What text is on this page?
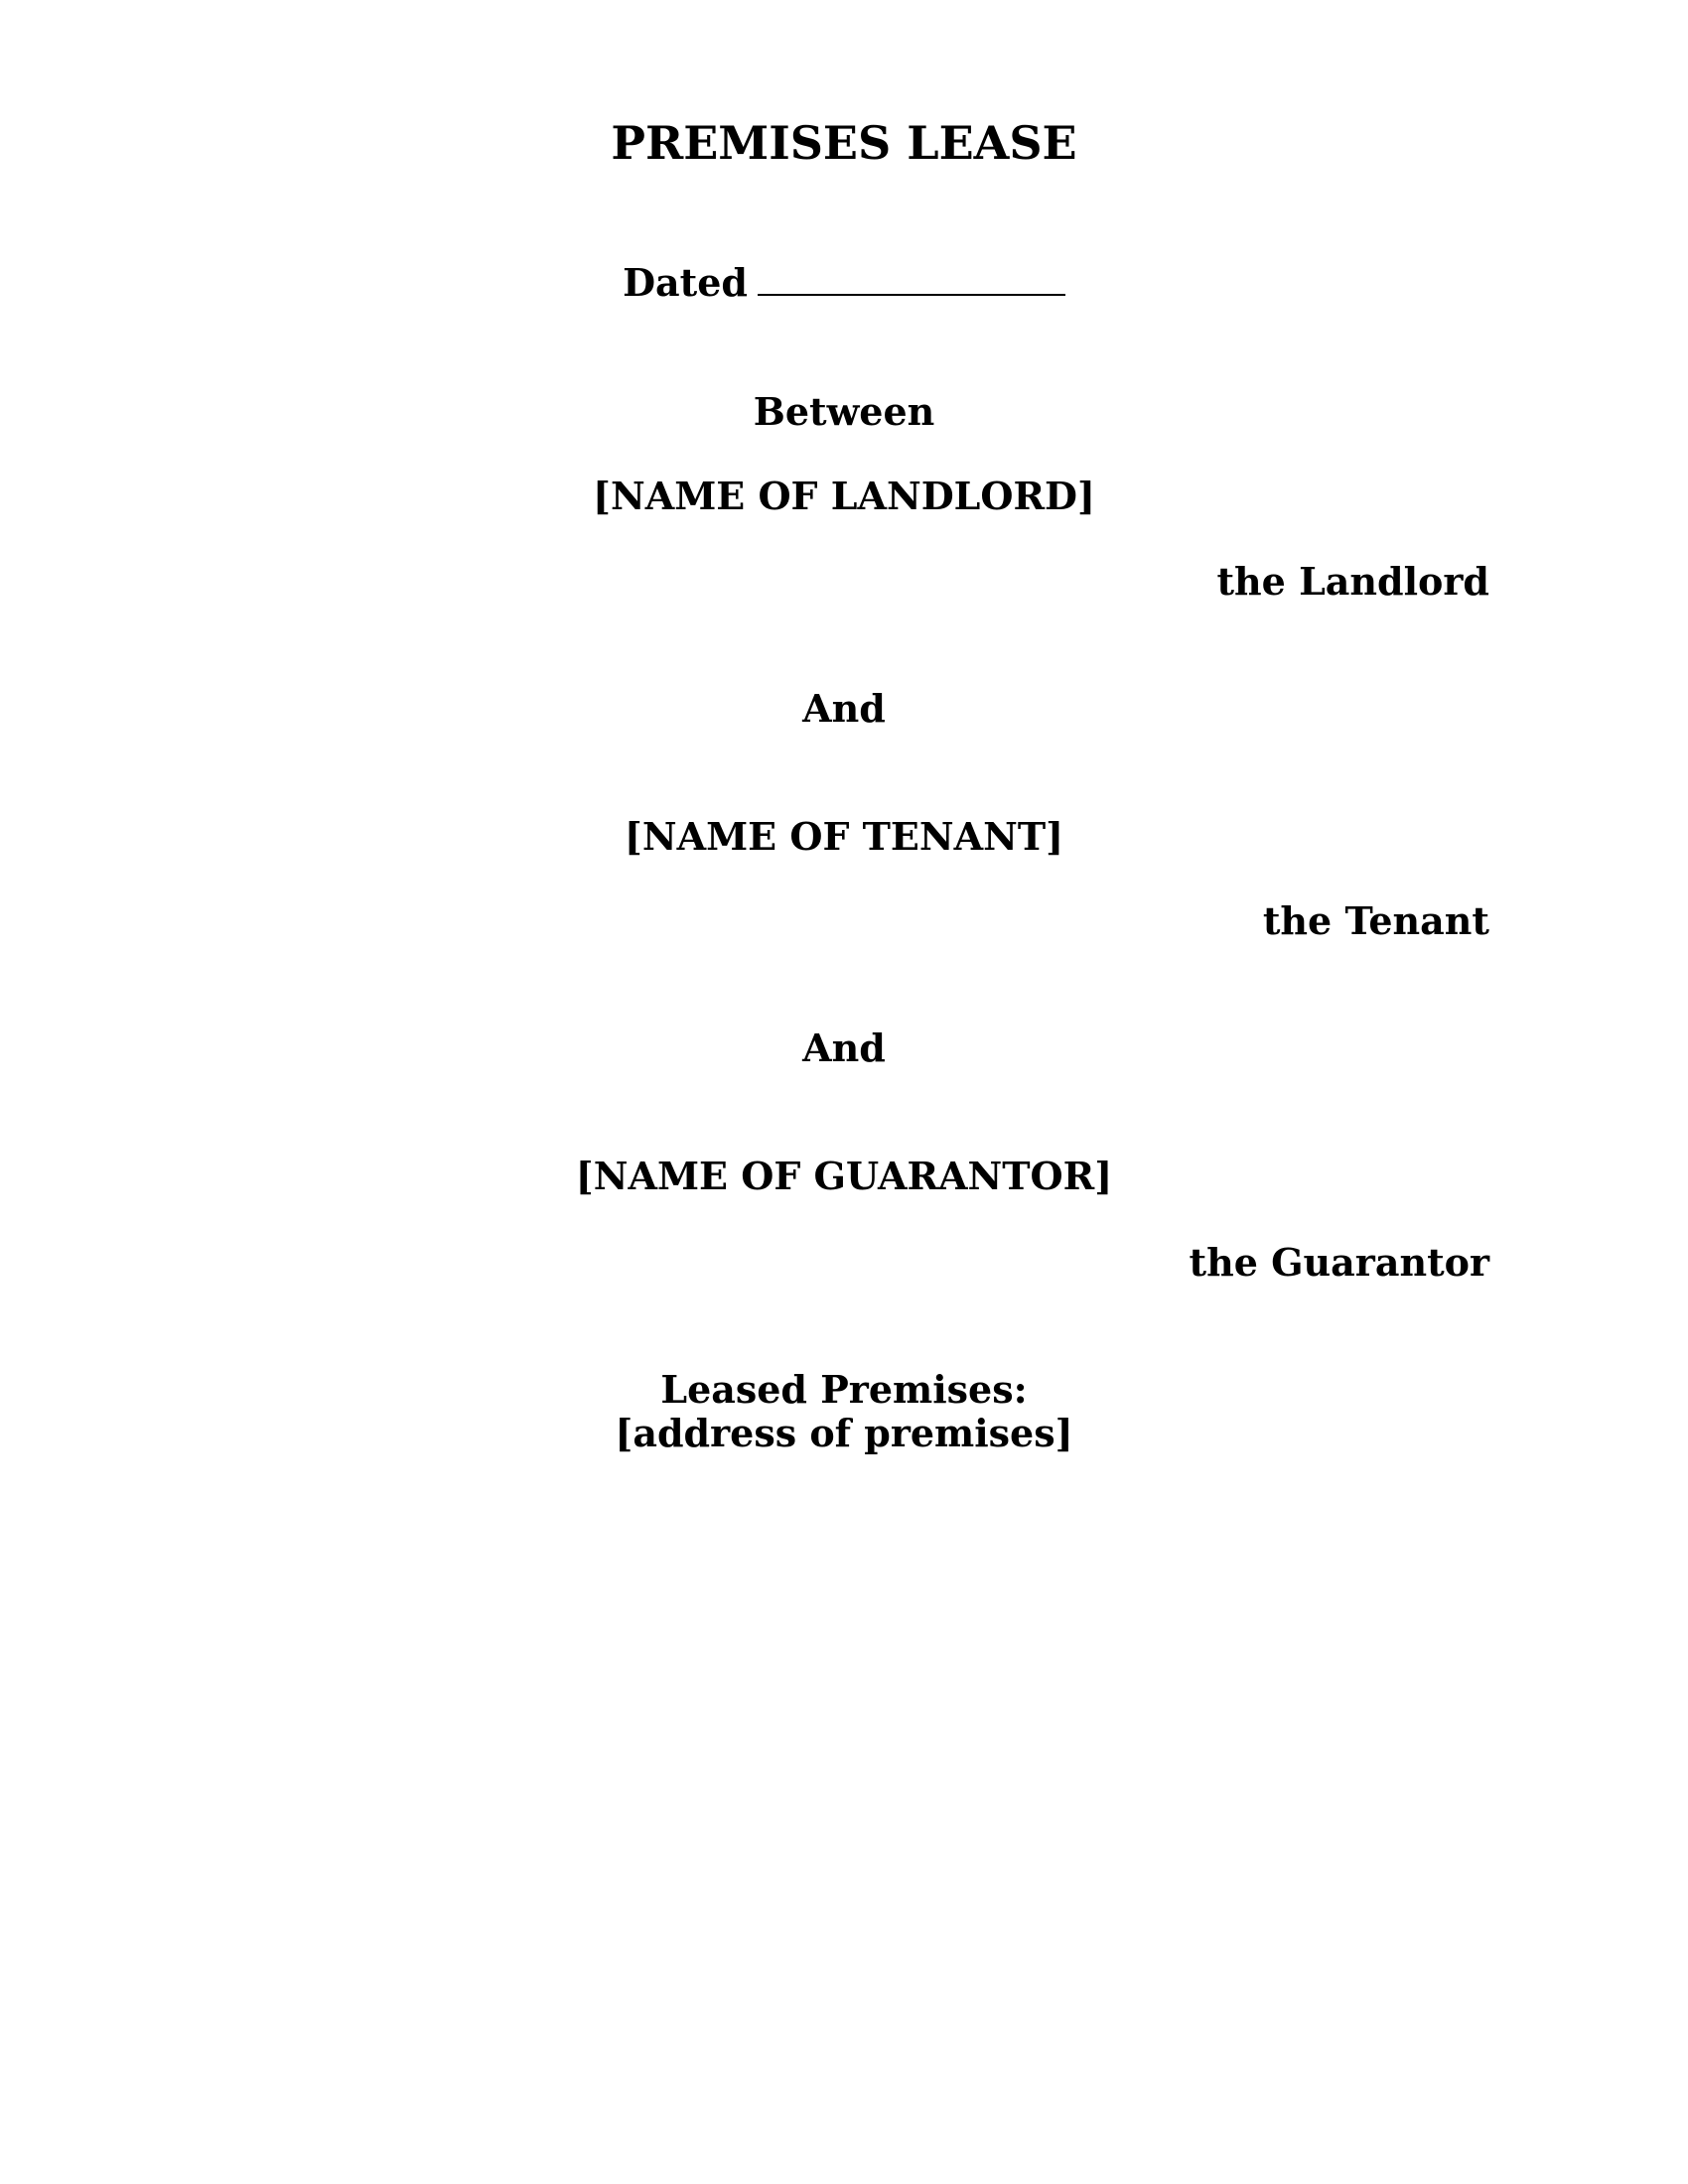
PREMISES LEASE
Dated
Between
[NAME OF LANDLORD]
the Landlord
And
[NAME OF TENANT]
the Tenant
And
[NAME OF GUARANTOR]
the Guarantor
Leased Premises:
[address of premises]
